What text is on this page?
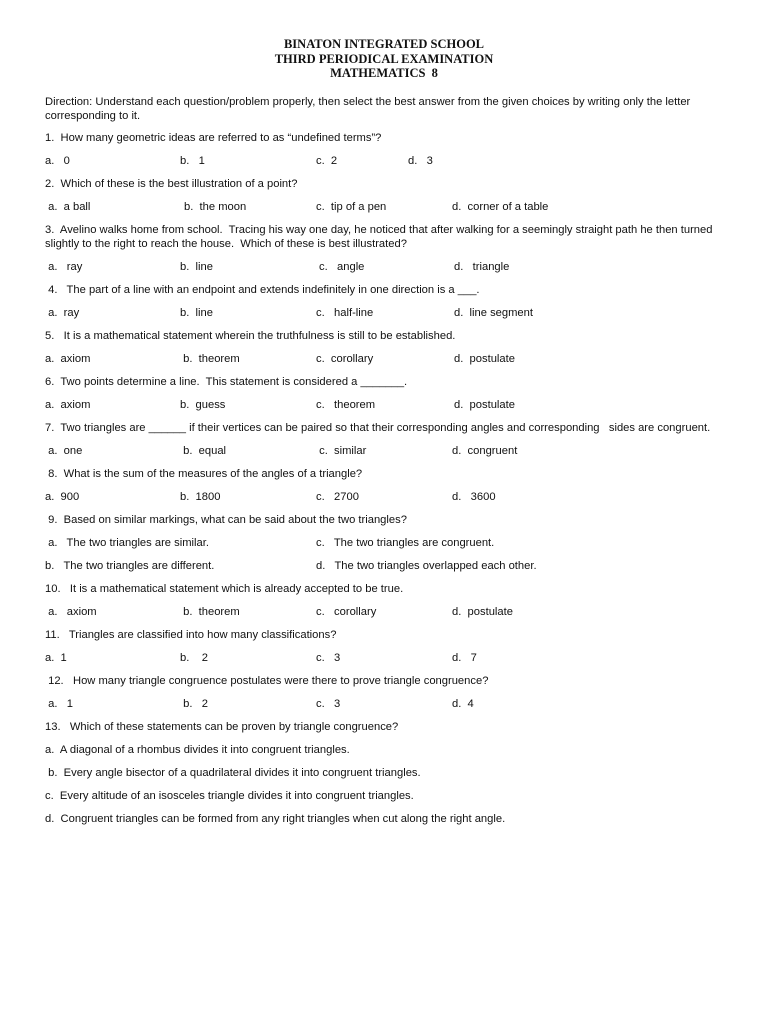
BINATON INTEGRATED SCHOOL
THIRD PERIODICAL EXAMINATION
MATHEMATICS  8
Direction: Understand each question/problem properly, then select the best answer from the given choices by writing only the letter corresponding to it.
1.  How many geometric ideas are referred to as “undefined terms”?
a.   0	b.   1	c.  2	d.   3
2.  Which of these is the best illustration of a point?
a.  a ball	b.  the moon	c.  tip of a pen	d.  corner of a table
3.  Avelino walks home from school.  Tracing his way one day, he noticed that after walking for a seemingly straight path he then turned slightly to the right to reach the house.  Which of these is best illustrated?
a.   ray	b.  line	c.   angle	d.   triangle
4.   The part of a line with an endpoint and extends indefinitely in one direction is a ___.
a.  ray	b.  line	c.   half-line	d.  line segment
5.   It is a mathematical statement wherein the truthfulness is still to be established.
a.  axiom	b.  theorem	c.  corollary	d.  postulate
6.  Two points determine a line.  This statement is considered a _______.
a.  axiom	b.  guess	c.   theorem	d.  postulate
7.  Two triangles are ______ if their vertices can be paired so that their corresponding angles and corresponding   sides are congruent.
a.  one	b.  equal	c.  similar	d.  congruent
8.  What is the sum of the measures of the angles of a triangle?
a.  900	b.  1800	c.   2700	d.   3600
9.  Based on similar markings, what can be said about the two triangles?
a.   The two triangles are similar.	c.   The two triangles are congruent.
b.   The two triangles are different.	d.   The two triangles overlapped each other.
10.   It is a mathematical statement which is already accepted to be true.
a.   axiom	b.  theorem	c.   corollary	d.  postulate
11.   Triangles are classified into how many classifications?
a.  1	b.    2	c.   3	d.   7
12.   How many triangle congruence postulates were there to prove triangle congruence?
a.   1	b.   2	c.   3	d.  4
13.   Which of these statements can be proven by triangle congruence?
a.  A diagonal of a rhombus divides it into congruent triangles.
b.  Every angle bisector of a quadrilateral divides it into congruent triangles.
c.  Every altitude of an isosceles triangle divides it into congruent triangles.
d.  Congruent triangles can be formed from any right triangles when cut along the right angle.
